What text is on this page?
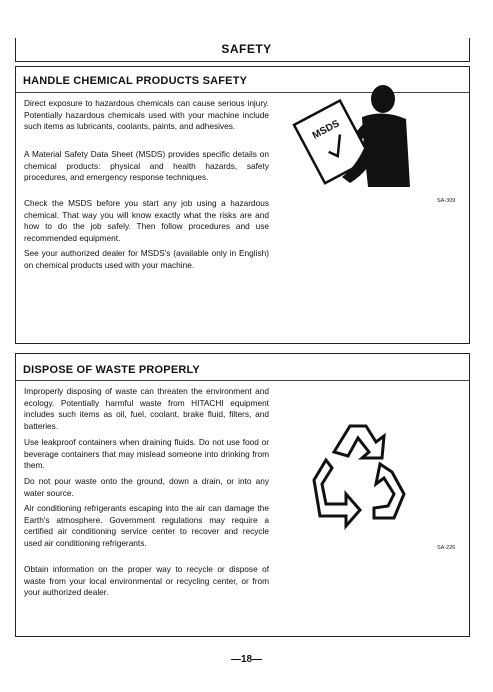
SAFETY
HANDLE CHEMICAL PRODUCTS SAFETY

Direct exposure to hazardous chemicals can cause serious injury. Potentially hazardous chemicals used with your machine include such items as lubricants, coolants, paints, and adhesives.

A Material Safety Data Sheet (MSDS) provides specific details on chemical products: physical and health hazards, safety procedures, and emergency response techniques.

Check the MSDS before you start any job using a hazardous chemical. That way you will know exactly what the risks are and how to do the job safely. Then follow procedures and use recommended equipment.

See your authorized dealer for MSDS's (available only in English) on chemical products used with your machine.

MSDS
SA-309
DISPOSE OF WASTE PROPERLY

Improperly disposing of waste can threaten the environment and ecology. Potentially harmful waste from HITACHI equipment includes such items as oil, fuel, coolant, brake fluid, filters, and batteries.

Use leakproof containers when draining fluids. Do not use food or beverage containers that may mislead someone into drinking from them.

Do not pour waste onto the ground, down a drain, or into any water source.

Air conditioning refrigerants escaping into the air can damage the Earth's atmosphere. Government regulations may require a certified air conditioning service center to recover and recycle used air conditioning refrigerants.

Obtain information on the proper way to recycle or dispose of waste from your local environmental or recycling center, or from your authorized dealer.

SA-226
—18—
